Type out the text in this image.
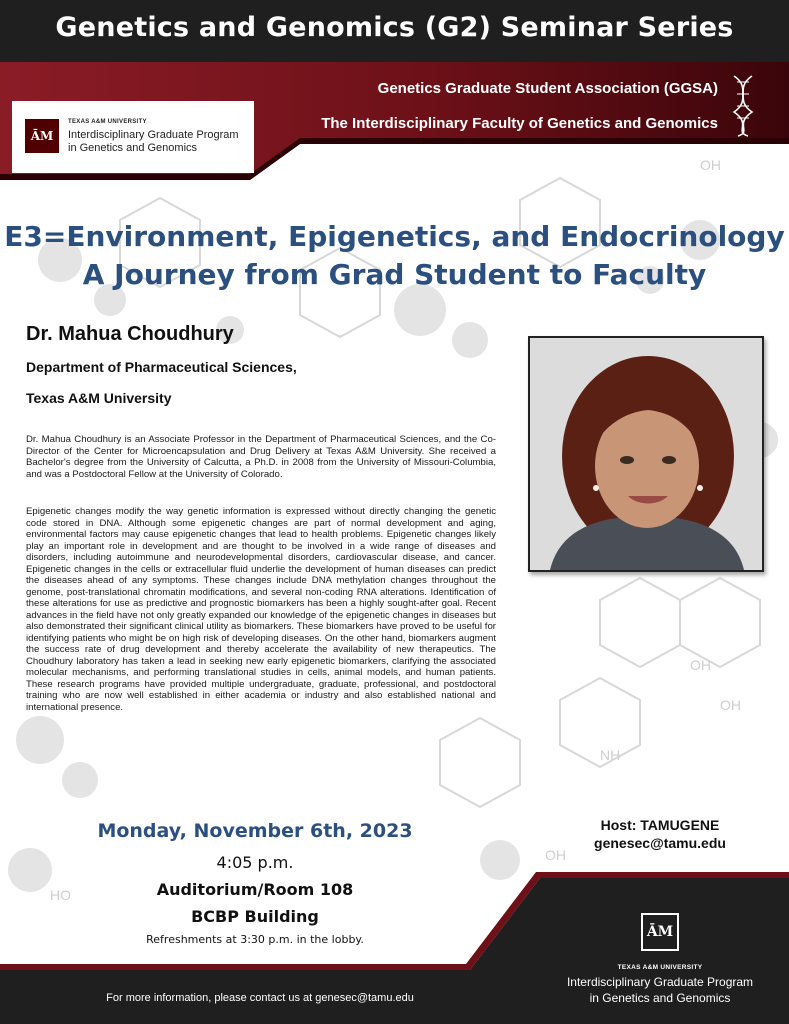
OH
OH
OH
NH
HO
OH
Genetics and Genomics (G2) Seminar Series
Genetics Graduate Student Association (GGSA)
The Interdisciplinary Faculty of Genetics and Genomics
ĀM
TEXAS A&M UNIVERSITY
Interdisciplinary Graduate Program
in Genetics and Genomics
E3=Environment, Epigenetics, and Endocrinology
A Journey from Grad Student to Faculty
Dr. Mahua Choudhury
Department of Pharmaceutical Sciences,
Texas A&M University
Dr. Mahua Choudhury is an Associate Professor in the Department of Pharmaceutical Sciences, and the Co-Director of the Center for Microencapsulation and Drug Delivery at Texas A&M University. She received a Bachelor's degree from the University of Calcutta, a Ph.D. in 2008 from the University of Missouri-Columbia, and was a Postdoctoral Fellow at the University of Colorado.
Epigenetic changes modify the way genetic information is expressed without directly changing the genetic code stored in DNA. Although some epigenetic changes are part of normal development and aging, environmental factors may cause epigenetic changes that lead to health problems. Epigenetic changes likely play an important role in development and are thought to be involved in a wide range of diseases and disorders, including autoimmune and neurodevelopmental disorders, cardiovascular disease, and cancer. Epigenetic changes in the cells or extracellular fluid underlie the development of human diseases can predict the diseases ahead of any symptoms. These changes include DNA methylation changes throughout the genome, post-translational chromatin modifications, and several non-coding RNA alterations. Identification of these alterations for use as predictive and prognostic biomarkers has been a highly sought-after goal. Recent advances in the field have not only greatly expanded our knowledge of the epigenetic changes in diseases but also demonstrated their significant clinical utility as biomarkers. These biomarkers have proved to be useful for identifying patients who might be on high risk of developing diseases. On the other hand, biomarkers augment the success rate of drug development and thereby accelerate the availability of new therapeutics. The Choudhury laboratory has taken a lead in seeking new early epigenetic biomarkers, clarifying the associated molecular mechanisms, and performing translational studies in cells, animal models, and human patients. These research programs have provided multiple undergraduate, graduate, professional, and postdoctoral training who are now well established in either academia or industry and also established national and international presence.
Monday, November 6th, 2023
4:05 p.m.
Auditorium/Room 108
BCBP Building
Refreshments at 3:30 p.m. in the lobby.
Host: TAMUGENE
genesec@tamu.edu
For more information, please contact us at genesec@tamu.edu
ĀM
TEXAS A&M UNIVERSITY
Interdisciplinary Graduate Program
in Genetics and Genomics
